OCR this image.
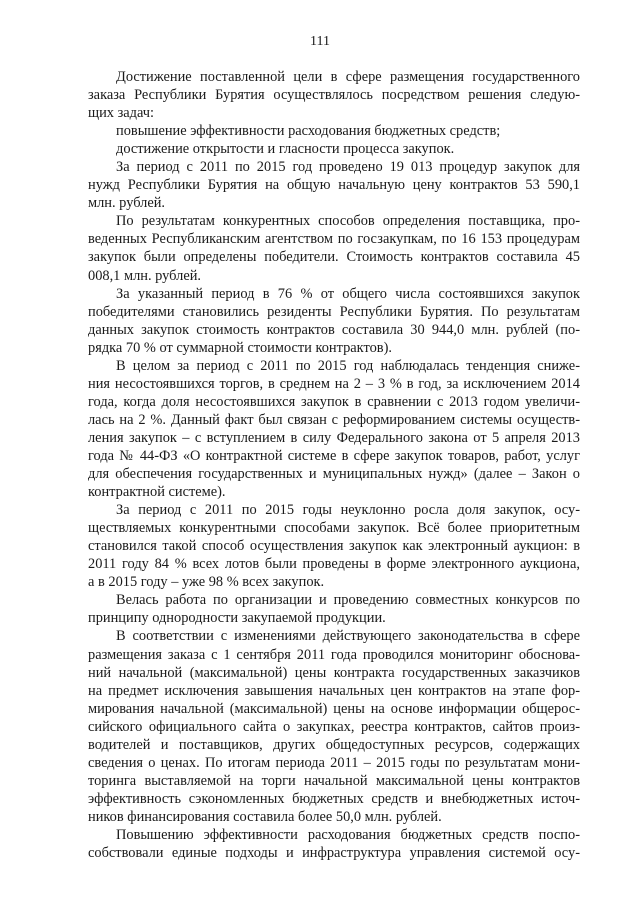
111
Достижение поставленной цели в сфере размещения государственного
заказа Республики Бурятия осуществлялось посредством решения следую-
щих задач:
повышение эффективности расходования бюджетных средств;
достижение открытости и гласности процесса закупок.
За период с 2011 по 2015 год проведено 19 013 процедур закупок для
нужд Республики Бурятия на общую начальную цену контрактов 53 590,1
млн. рублей.
По результатам конкурентных способов определения поставщика, про-
веденных Республиканским агентством по госзакупкам, по 16 153 процедурам
закупок были определены победители. Стоимость контрактов составила 45
008,1 млн. рублей.
За указанный период в 76 % от общего числа состоявшихся закупок
победителями становились резиденты Республики Бурятия. По результатам
данных закупок стоимость контрактов составила 30 944,0 млн. рублей (по-
рядка 70 % от суммарной стоимости контрактов).
В целом за период с 2011 по 2015 год наблюдалась тенденция сниже-
ния несостоявшихся торгов, в среднем на 2 – 3 % в год, за исключением 2014
года, когда доля несостоявшихся закупок в сравнении с 2013 годом увеличи-
лась на 2 %. Данный факт был связан с реформированием системы осуществ-
ления закупок – с вступлением в силу Федерального закона от 5 апреля 2013
года № 44-ФЗ «О контрактной системе в сфере закупок товаров, работ, услуг
для обеспечения государственных и муниципальных нужд» (далее – Закон о
контрактной системе).
За период с 2011 по 2015 годы неуклонно росла доля закупок, осу-
ществляемых конкурентными способами закупок. Всё более приоритетным
становился такой способ осуществления закупок как электронный аукцион: в
2011 году 84 % всех лотов были проведены в форме электронного аукциона,
а в 2015 году – уже 98 % всех закупок.
Велась работа по организации и проведению совместных конкурсов по
принципу однородности закупаемой продукции.
В соответствии с изменениями действующего законодательства в сфере
размещения заказа с 1 сентября 2011 года проводился мониторинг обоснова-
ний начальной (максимальной) цены контракта государственных заказчиков
на предмет исключения завышения начальных цен контрактов на этапе фор-
мирования начальной (максимальной) цены на основе информации общерос-
сийского официального сайта о закупках, реестра контрактов, сайтов произ-
водителей и поставщиков, других общедоступных ресурсов, содержащих
сведения о ценах. По итогам периода 2011 – 2015 годы по результатам мони-
торинга выставляемой на торги начальной максимальной цены контрактов
эффективность сэкономленных бюджетных средств и внебюджетных источ-
ников финансирования составила более 50,0 млн. рублей.
Повышению эффективности расходования бюджетных средств поспо-
собствовали единые подходы и инфраструктура управления системой осу-
